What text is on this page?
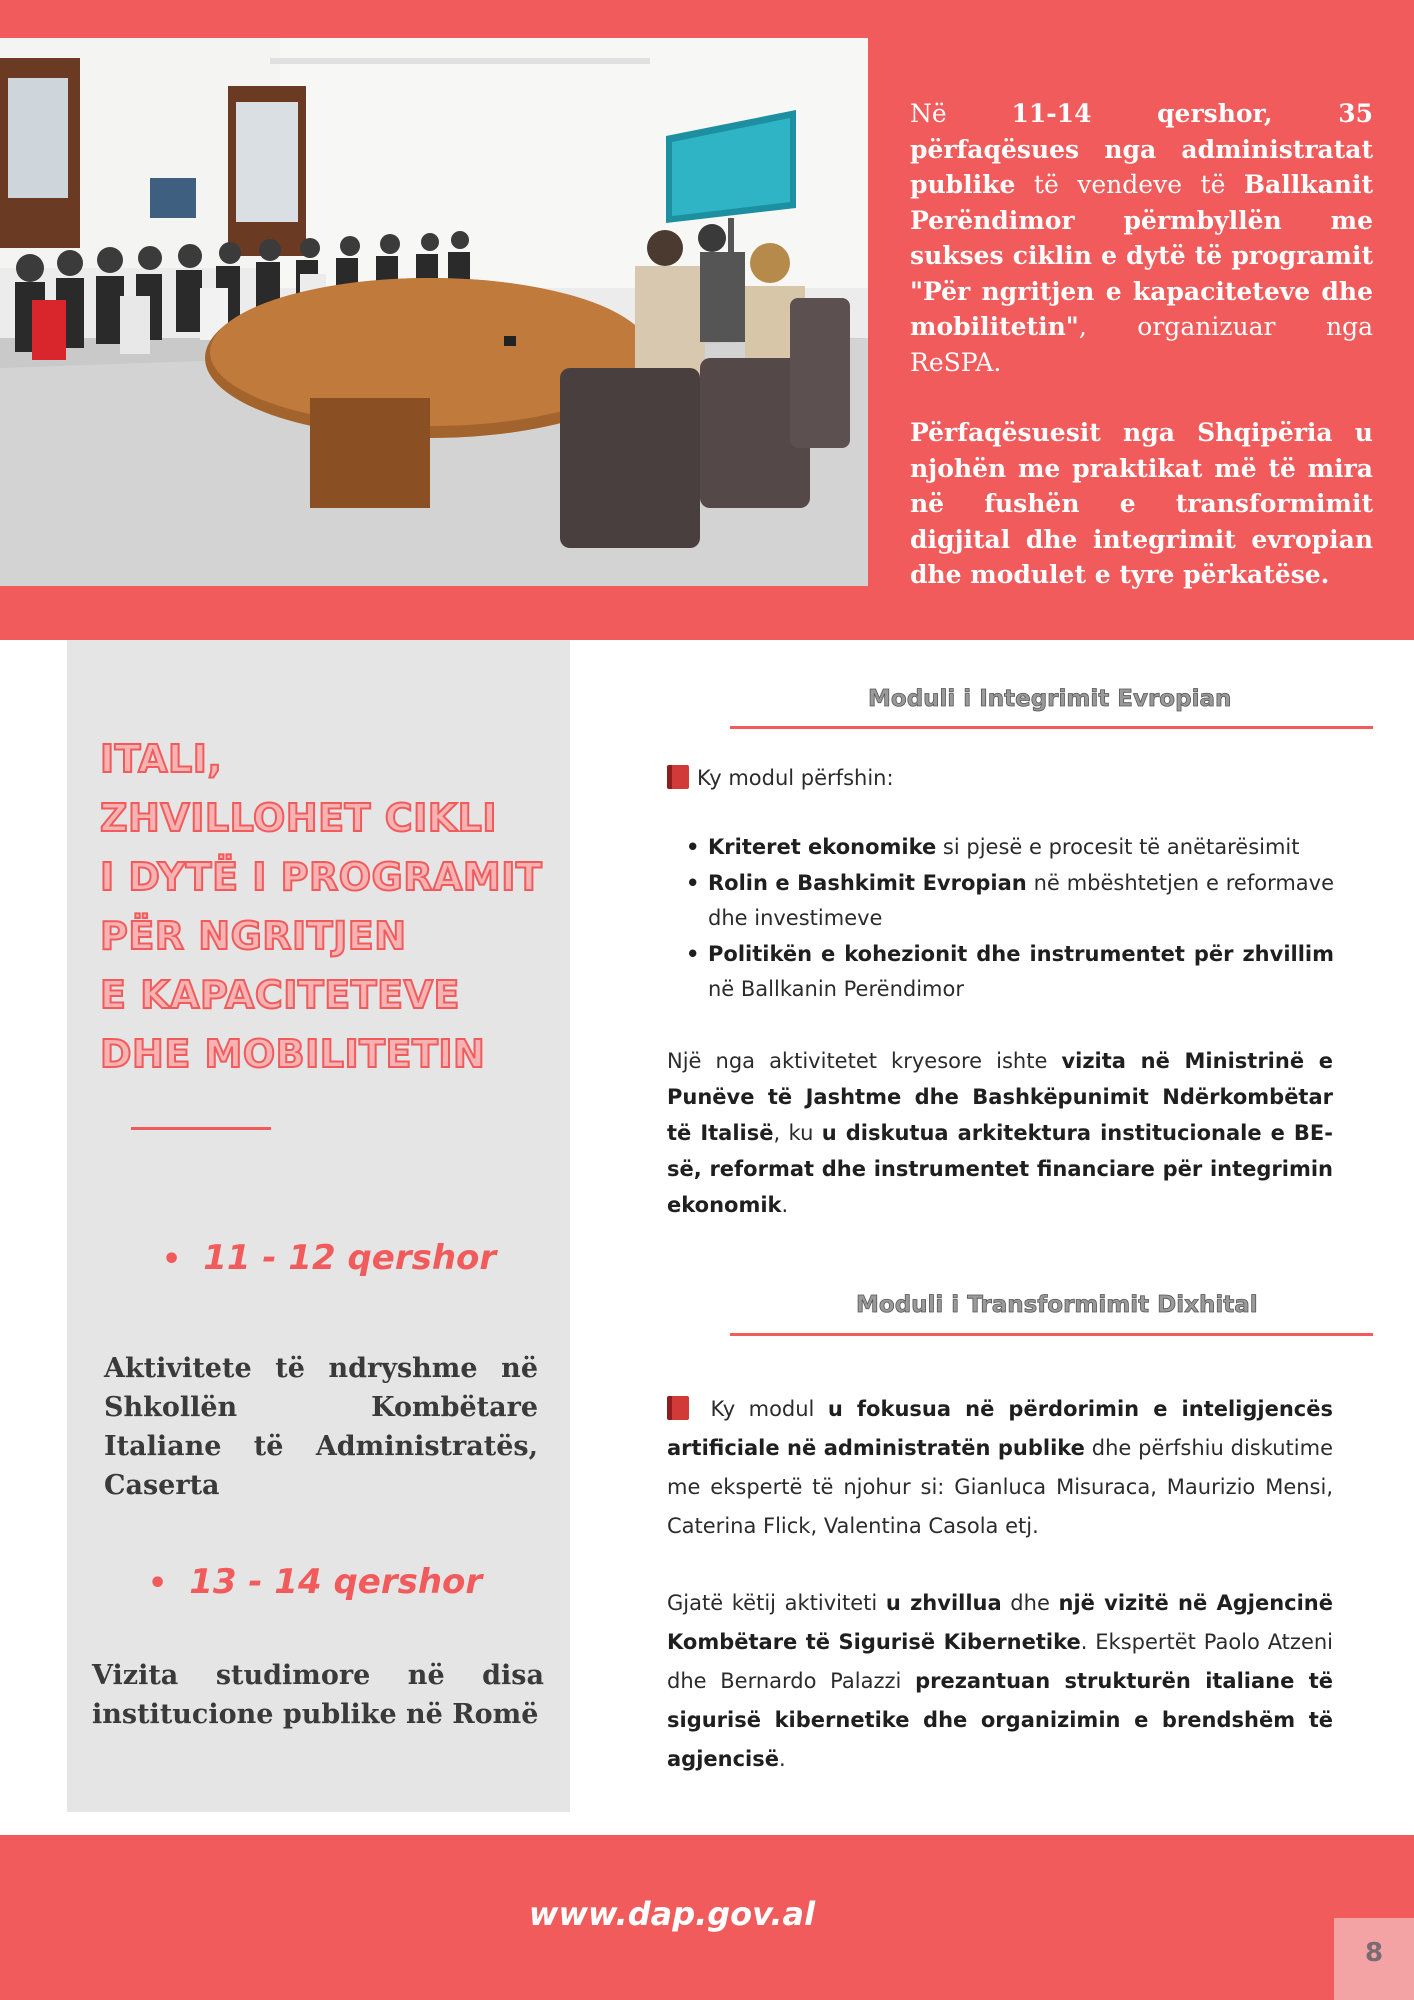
Në 11-14 qershor, 35 përfaqësues nga administratat publike të vendeve të Ballkanit Perëndimor përmbyllën me sukses ciklin e dytë të programit "Për ngritjen e kapaciteteve dhe mobilitetin", organizuar nga ReSPA.

Përfaqësuesit nga Shqipëria u njohën me praktikat më të mira në fushën e transformimit digjital dhe integrimit evropian dhe modulet e tyre përkatëse.

ITALI,
ZHVILLOHET CIKLI
I DYTË I PROGRAMIT
PËR NGRITJEN
E KAPACITETEVE
DHE MOBILITETIN
• 11 - 12 qershor
Aktivitete të ndryshme në Shkollën Kombëtare Italiane të Administratës, Caserta
• 13 - 14 qershor
Vizita studimore në disa institucione publike në Romë
Moduli i Integrimit Evropian
Ky modul përfshin:
• Kriteret ekonomike si pjesë e procesit të anëtarësimit
• Rolin e Bashkimit Evropian në mbështetjen e reformave dhe investimeve
• Politikën e kohezionit dhe instrumentet për zhvillim në Ballkanin Perëndimor
Një nga aktivitetet kryesore ishte vizita në Ministrinë e Punëve të Jashtme dhe Bashkëpunimit Ndërkombëtar të Italisë, ku u diskutua arkitektura institucionale e BE-së, reformat dhe instrumentet financiare për integrimin ekonomik.
Moduli i Transformimit Dixhital
Ky modul u fokusua në përdorimin e inteligjencës artificiale në administratën publike dhe përfshiu diskutime me ekspertë të njohur si: Gianluca Misuraca, Maurizio Mensi, Caterina Flick, Valentina Casola etj.
Gjatë këtij aktiviteti u zhvillua dhe një vizitë në Agjencinë Kombëtare të Sigurisë Kibernetike. Ekspertët Paolo Atzeni dhe Bernardo Palazzi prezantuan strukturën italiane të sigurisë kibernetike dhe organizimin e brendshëm të agjencisë.
www.dap.gov.al
8
